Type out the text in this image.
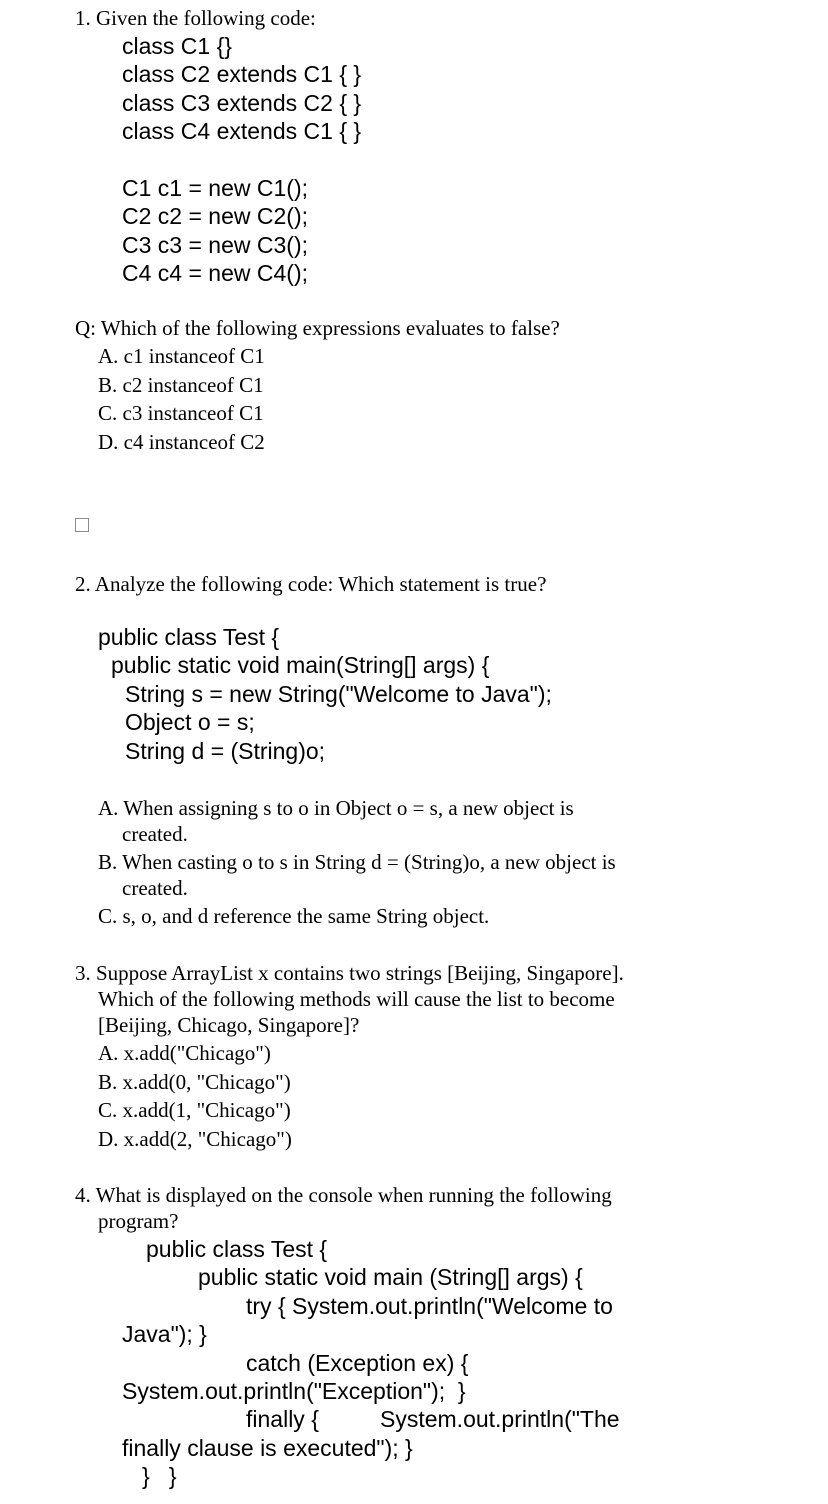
1. Given the following code:
class C1 {}
class C2 extends C1 { }
class C3 extends C2 { }
class C4 extends C1 { }
C1 c1 = new C1();
C2 c2 = new C2();
C3 c3 = new C3();
C4 c4 = new C4();
Q: Which of the following expressions evaluates to false?
A. c1 instanceof C1
B. c2 instanceof C1
C. c3 instanceof C1
D. c4 instanceof C2
2. Analyze the following code: Which statement is true?
public class Test {
public static void main(String[] args) {
String s = new String("Welcome to Java");
Object o = s;
String d = (String)o;
A. When assigning s to o in Object o = s, a new object is
created.
B. When casting o to s in String d = (String)o, a new object is
created.
C. s, o, and d reference the same String object.
3. Suppose ArrayList x contains two strings [Beijing, Singapore].
Which of the following methods will cause the list to become
[Beijing, Chicago, Singapore]?
A. x.add("Chicago")
B. x.add(0, "Chicago")
C. x.add(1, "Chicago")
D. x.add(2, "Chicago")
4. What is displayed on the console when running the following
program?
public class Test {
public static void main (String[] args) {
try { System.out.println("Welcome to
Java"); }
catch (Exception ex) {
System.out.println("Exception");  }
finally {	System.out.println("The
finally clause is executed"); }
}   }
